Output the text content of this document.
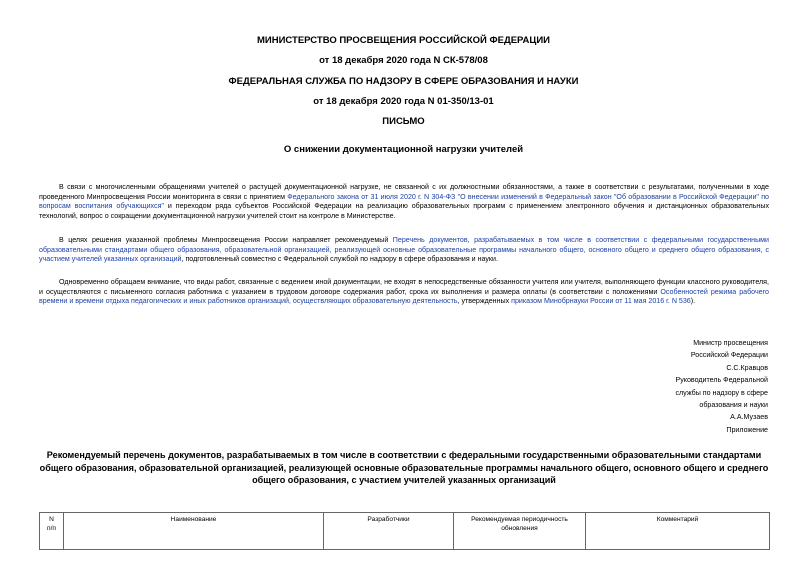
МИНИСТЕРСТВО ПРОСВЕЩЕНИЯ РОССИЙСКОЙ ФЕДЕРАЦИИ
от 18 декабря 2020 года N СК-578/08
ФЕДЕРАЛЬНАЯ СЛУЖБА ПО НАДЗОРУ В СФЕРЕ ОБРАЗОВАНИЯ И НАУКИ
от 18 декабря 2020 года N 01-350/13-01
ПИСЬМО
О снижении документационной нагрузки учителей
В связи с многочисленными обращениями учителей о растущей документационной нагрузке, не связанной с их должностными обязанностями, а также в соответствии с результатами, полученными в ходе проведенного Минпросвещения России мониторинга в связи с принятием Федерального закона от 31 июля 2020 г. N 304-ФЗ "О внесении изменений в Федеральный закон "Об образовании в Российской Федерации" по вопросам воспитания обучающихся" и переходом ряда субъектов Российской Федерации на реализацию образовательных программ с применением электронного обучения и дистанционных образовательных технологий, вопрос о сокращении документационной нагрузки учителей стоит на контроле в Министерстве.
В целях решения указанной проблемы Минпросвещения России направляет рекомендуемый Перечень документов, разрабатываемых в том числе в соответствии с федеральными государственными образовательными стандартами общего образования, образовательной организацией, реализующей основные образовательные программы начального общего, основного общего и среднего общего образования, с участием учителей указанных организаций, подготовленный совместно с Федеральной службой по надзору в сфере образования и науки.
Одновременно обращаем внимание, что виды работ, связанные с ведением иной документации, не входят в непосредственные обязанности учителя или учителя, выполняющего функции классного руководителя, и осуществляются с письменного согласия работника с указанием в трудовом договоре содержания работ, срока их выполнения и размера оплаты (в соответствии с положениями Особенностей режима рабочего времени и времени отдыха педагогических и иных работников организаций, осуществляющих образовательную деятельность, утвержденных приказом Минобрнауки России от 11 мая 2016 г. N 536).
Министр просвещения
Российской Федерации
С.С.Кравцов
Руководитель Федеральной
службы по надзору в сфере
образования и науки
А.А.Музаев
Приложение
Рекомендуемый перечень документов, разрабатываемых в том числе в соответствии с федеральными государственными образовательными стандартами общего образования, образовательной организацией, реализующей основные образовательные программы начального общего, основного общего и среднего общего образования, с участием учителей указанных организаций
N
п/п
	Наименование	Разработчики	Рекомендуемая периодичность обновления	Комментарий
